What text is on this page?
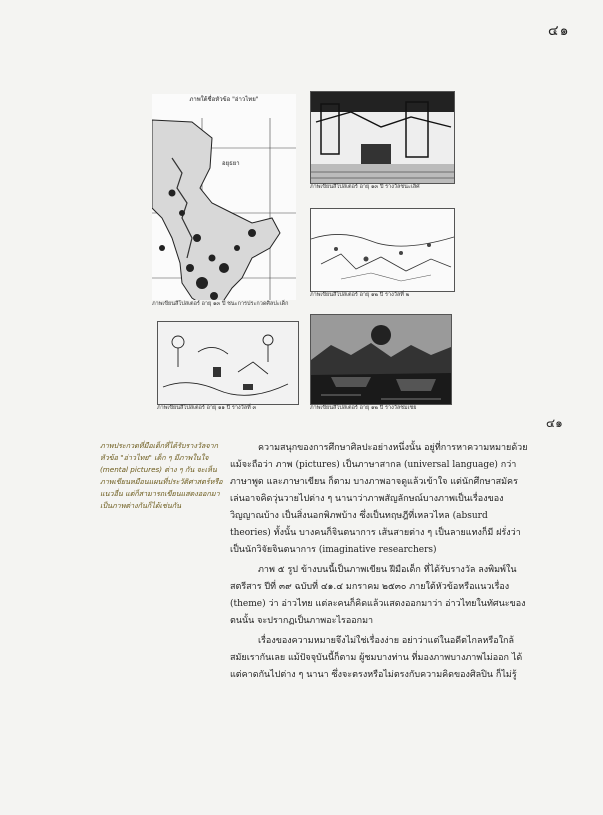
๔๑
ภาพใต้ชื่อหัวข้อ "อ่าวไทย"
อยุธยา
ภาพเขียนสีโปสเตอร์ อายุ ๑๓ ปี ชนะการประกวดศิลปะเด็ก
ภาพเขียนสีโปสเตอร์ อายุ ๑๓ ปี รางวัลชนะเลิศ
ภาพเขียนสีโปสเตอร์ อายุ ๑๒ ปี รางวัลที่ ๒
ภาพเขียนสีโปสเตอร์ อายุ ๑๑ ปี รางวัลที่ ๓	ภาพเขียนสีโปสเตอร์ อายุ ๑๒ ปี รางวัลชมเชย
๔๑
ภาพประกวดที่มือเด็กที่ได้รับรางวัลจากหัวข้อ "อ่าวไทย" เด็ก ๆ มีภาพในใจ (mental pictures) ต่าง ๆ กัน จะเห็นภาพเขียนหมือนแผนที่ประวัติศาสตร์หรือแนวอื่น แต่ก็สามารถเขียนแสดงออกมาเป็นภาพต่างกันก็ได้เช่นกัน

ความสนุกของการศึกษาศิลปะอย่างหนึ่งนั้น อยู่ที่การหาความหมายด้วย แม้จะถือว่า ภาพ (pictures) เป็นภาษาสากล (universal language) กว่าภาษาพูด และภาษาเขียน ก็ตาม บางภาพอาจดูแล้วเข้าใจ แต่นักศึกษาสมัครเล่นอาจคิดวุ่นวายไปต่าง ๆ นานาว่าภาพสัญลักษณ์บางภาพเป็นเรื่องของวิญญาณบ้าง เป็นสิ่งนอกพิภพบ้าง ซึ่งเป็นทฤษฎีที่เหลวไหล (absurd theories) ทั้งนั้น บางคนก็จินตนาการ เส้นสายต่าง ๆ เป็นลายแทงก็มี ฝรั่งว่าเป็นนักวิจัยจินตนาการ (imaginative researchers)

ภาพ ๕ รูป ข้างบนนี้เป็นภาพเขียน ฝีมือเด็ก ที่ได้รับรางวัล ลงพิมพ์ในสตรีสาร ปีที่ ๓๙ ฉบับที่ ๔๑.๔ มกราคม ๒๕๓๐ ภายใต้หัวข้อหรือแนวเรื่อง (theme) ว่า อ่าวไทย แต่ละคนก็คิดแล้วแสดงออกมาว่า อ่าวไทยในทัศนะของตนนั้น จะปรากฏเป็นภาพอะไรออกมา

เรื่องของความหมายจึงไม่ใช่เรื่องง่าย อย่าว่าแต่ในอดีตไกลหรือใกล้สมัยเรากันเลย แม้ปัจจุบันนี้ก็ตาม ผู้ชมบางท่าน ที่มองภาพบางภาพไม่ออก ได้แต่คาดกันไปต่าง ๆ นานา ซึ่งจะตรงหรือไม่ตรงกับความคิดของศิลปิน ก็ไม่รู้
